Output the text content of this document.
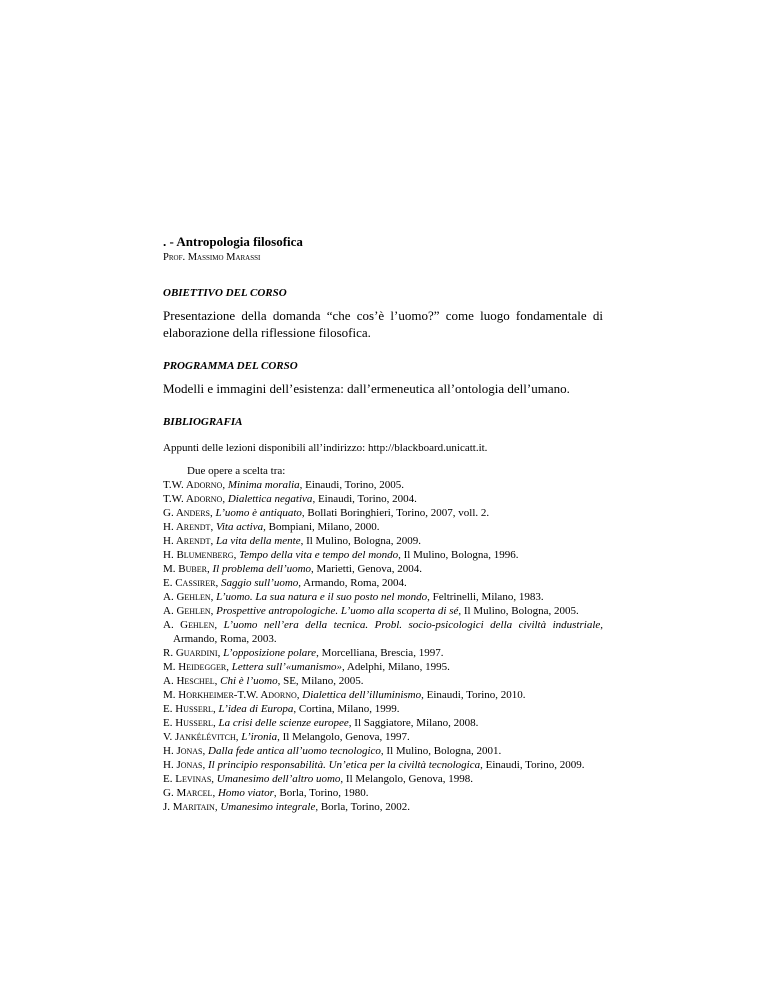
. - Antropologia filosofica
Prof. Massimo Marassi
OBIETTIVO DEL CORSO
Presentazione della domanda “che cos’è l’uomo?” come luogo fondamentale di elaborazione della riflessione filosofica.
PROGRAMMA DEL CORSO
Modelli e immagini dell’esistenza: dall’ermeneutica all’ontologia dell’umano.
BIBLIOGRAFIA
Appunti delle lezioni disponibili all’indirizzo: http://blackboard.unicatt.it.
Due opere a scelta tra:
T.W. Adorno, Minima moralia, Einaudi, Torino, 2005.
T.W. Adorno, Dialettica negativa, Einaudi, Torino, 2004.
G. Anders, L’uomo è antiquato, Bollati Boringhieri, Torino, 2007, voll. 2.
H. Arendt, Vita activa, Bompiani, Milano, 2000.
H. Arendt, La vita della mente, Il Mulino, Bologna, 2009.
H. Blumenberg, Tempo della vita e tempo del mondo, Il Mulino, Bologna, 1996.
M. Buber, Il problema dell’uomo, Marietti, Genova, 2004.
E. Cassirer, Saggio sull’uomo, Armando, Roma, 2004.
A. Gehlen, L’uomo. La sua natura e il suo posto nel mondo, Feltrinelli, Milano, 1983.
A. Gehlen, Prospettive antropologiche. L’uomo alla scoperta di sé, Il Mulino, Bologna, 2005.
A. Gehlen, L’uomo nell’era della tecnica. Probl. socio-psicologici della civiltà industriale, Armando, Roma, 2003.
R. Guardini, L’opposizione polare, Morcelliana, Brescia, 1997.
M. Heidegger, Lettera sull’«umanismo», Adelphi, Milano, 1995.
A. Heschel, Chi è l’uomo, SE, Milano, 2005.
M. Horkheimer-T.W. Adorno, Dialettica dell’illuminismo, Einaudi, Torino, 2010.
E. Husserl, L’idea di Europa, Cortina, Milano, 1999.
E. Husserl, La crisi delle scienze europee, Il Saggiatore, Milano, 2008.
V. Jankélévitch, L’ironia, Il Melangolo, Genova, 1997.
H. Jonas, Dalla fede antica all’uomo tecnologico, Il Mulino, Bologna, 2001.
H. Jonas, Il principio responsabilità. Un’etica per la civiltà tecnologica, Einaudi, Torino, 2009.
E. Levinas, Umanesimo dell’altro uomo, Il Melangolo, Genova, 1998.
G. Marcel, Homo viator, Borla, Torino, 1980.
J. Maritain, Umanesimo integrale, Borla, Torino, 2002.
